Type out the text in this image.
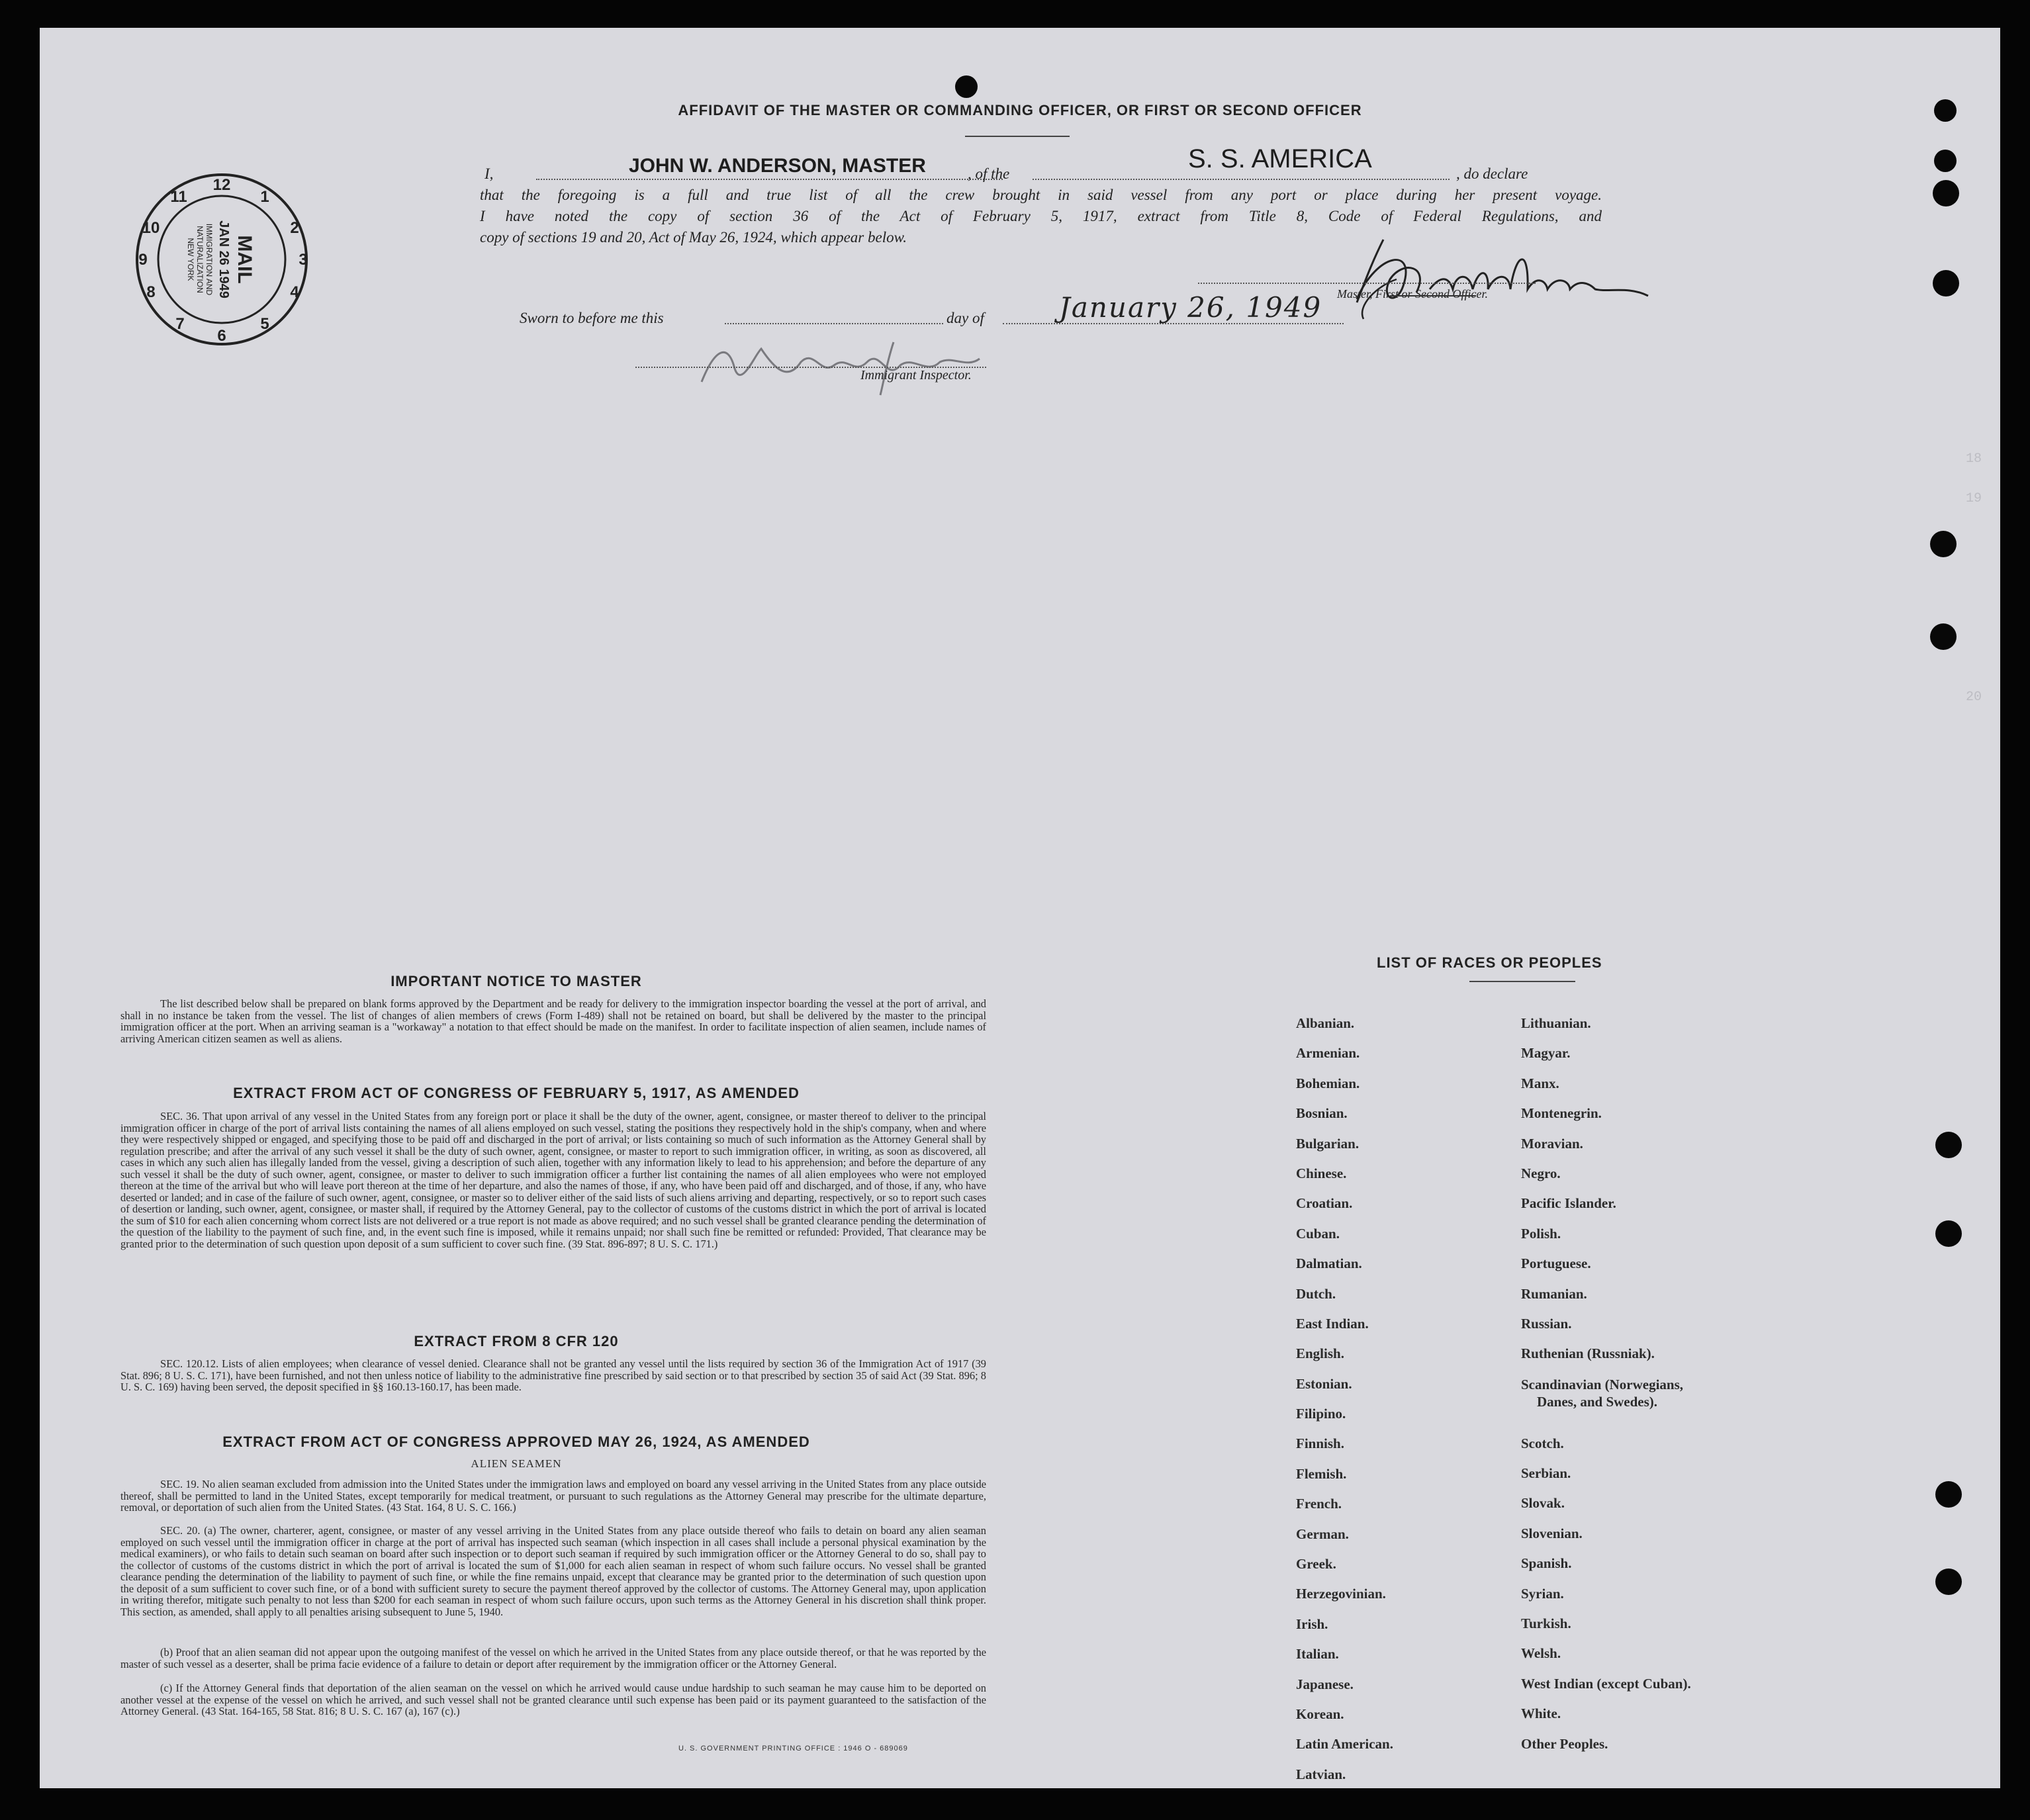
18
19
20
AFFIDAVIT OF THE MASTER OR COMMANDING OFFICER, OR FIRST OR SECOND OFFICER
I,	JOHN W. ANDERSON, MASTER	, of the
S. S. AMERICA
, do declare
that the foregoing is a full and true list of all the crew brought in said vessel from any port or place during her present voyage.
I have noted the copy of section 36 of the Act of February 5, 1917, extract from Title 8, Code of Federal Regulations, and
copy of sections 19 and 20, Act of May 26, 1924, which appear below.
Master, First or Second Officer.
Sworn to before me this	day of	January 26, 1949
Immigrant Inspector.
12
1
2
3
4
5
6
7
8
9
10
11
MAIL
JAN 26 1949
IMMIGRATION AND
NATURALIZATION
NEW YORK
IMPORTANT NOTICE TO MASTER
The list described below shall be prepared on blank forms approved by the Department and be ready for delivery to the immigration inspector boarding the vessel at the port of arrival, and shall in no instance be taken from the vessel. The list of changes of alien members of crews (Form I-489) shall not be retained on board, but shall be delivered by the master to the principal immigration officer at the port. When an arriving seaman is a "workaway" a notation to that effect should be made on the manifest. In order to facilitate inspection of alien seamen, include names of arriving American citizen seamen as well as aliens.
EXTRACT FROM ACT OF CONGRESS OF FEBRUARY 5, 1917, AS AMENDED
SEC. 36. That upon arrival of any vessel in the United States from any foreign port or place it shall be the duty of the owner, agent, consignee, or master thereof to deliver to the principal immigration officer in charge of the port of arrival lists containing the names of all aliens employed on such vessel, stating the positions they respectively hold in the ship's company, when and where they were respectively shipped or engaged, and specifying those to be paid off and discharged in the port of arrival; or lists containing so much of such information as the Attorney General shall by regulation prescribe; and after the arrival of any such vessel it shall be the duty of such owner, agent, consignee, or master to report to such immigration officer, in writing, as soon as discovered, all cases in which any such alien has illegally landed from the vessel, giving a description of such alien, together with any information likely to lead to his apprehension; and before the departure of any such vessel it shall be the duty of such owner, agent, consignee, or master to deliver to such immigration officer a further list containing the names of all alien employees who were not employed thereon at the time of the arrival but who will leave port thereon at the time of her departure, and also the names of those, if any, who have been paid off and discharged, and of those, if any, who have deserted or landed; and in case of the failure of such owner, agent, consignee, or master so to deliver either of the said lists of such aliens arriving and departing, respectively, or so to report such cases of desertion or landing, such owner, agent, consignee, or master shall, if required by the Attorney General, pay to the collector of customs of the customs district in which the port of arrival is located the sum of $10 for each alien concerning whom correct lists are not delivered or a true report is not made as above required; and no such vessel shall be granted clearance pending the determination of the question of the liability to the payment of such fine, and, in the event such fine is imposed, while it remains unpaid; nor shall such fine be remitted or refunded: Provided, That clearance may be granted prior to the determination of such question upon deposit of a sum sufficient to cover such fine. (39 Stat. 896-897; 8 U. S. C. 171.)
EXTRACT FROM 8 CFR 120
SEC. 120.12. Lists of alien employees; when clearance of vessel denied. Clearance shall not be granted any vessel until the lists required by section 36 of the Immigration Act of 1917 (39 Stat. 896; 8 U. S. C. 171), have been furnished, and not then unless notice of liability to the administrative fine prescribed by said section or to that prescribed by section 35 of said Act (39 Stat. 896; 8 U. S. C. 169) having been served, the deposit specified in §§ 160.13-160.17, has been made.
EXTRACT FROM ACT OF CONGRESS APPROVED MAY 26, 1924, AS AMENDED
ALIEN SEAMEN
SEC. 19. No alien seaman excluded from admission into the United States under the immigration laws and employed on board any vessel arriving in the United States from any place outside thereof, shall be permitted to land in the United States, except temporarily for medical treatment, or pursuant to such regulations as the Attorney General may prescribe for the ultimate departure, removal, or deportation of such alien from the United States. (43 Stat. 164, 8 U. S. C. 166.)
SEC. 20. (a) The owner, charterer, agent, consignee, or master of any vessel arriving in the United States from any place outside thereof who fails to detain on board any alien seaman employed on such vessel until the immigration officer in charge at the port of arrival has inspected such seaman (which inspection in all cases shall include a personal physical examination by the medical examiners), or who fails to detain such seaman on board after such inspection or to deport such seaman if required by such immigration officer or the Attorney General to do so, shall pay to the collector of customs of the customs district in which the port of arrival is located the sum of $1,000 for each alien seaman in respect of whom such failure occurs. No vessel shall be granted clearance pending the determination of the liability to payment of such fine, or while the fine remains unpaid, except that clearance may be granted prior to the determination of such question upon the deposit of a sum sufficient to cover such fine, or of a bond with sufficient surety to secure the payment thereof approved by the collector of customs. The Attorney General may, upon application in writing therefor, mitigate such penalty to not less than $200 for each seaman in respect of whom such failure occurs, upon such terms as the Attorney General in his discretion shall think proper. This section, as amended, shall apply to all penalties arising subsequent to June 5, 1940.
(b) Proof that an alien seaman did not appear upon the outgoing manifest of the vessel on which he arrived in the United States from any place outside thereof, or that he was reported by the master of such vessel as a deserter, shall be prima facie evidence of a failure to detain or deport after requirement by the immigration officer or the Attorney General.
(c) If the Attorney General finds that deportation of the alien seaman on the vessel on which he arrived would cause undue hardship to such seaman he may cause him to be deported on another vessel at the expense of the vessel on which he arrived, and such vessel shall not be granted clearance until such expense has been paid or its payment guaranteed to the satisfaction of the Attorney General. (43 Stat. 164-165, 58 Stat. 816; 8 U. S. C. 167 (a), 167 (c).)
U. S. GOVERNMENT PRINTING OFFICE : 1946 O - 689069
LIST OF RACES OR PEOPLES
Albanian.
Armenian.
Bohemian.
Bosnian.
Bulgarian.
Chinese.
Croatian.
Cuban.
Dalmatian.
Dutch.
East Indian.
English.
Estonian.
Filipino.
Finnish.
Flemish.
French.
German.
Greek.
Herzegovinian.
Irish.
Italian.
Japanese.
Korean.
Latin American.
Latvian.
Lithuanian.
Magyar.
Manx.
Montenegrin.
Moravian.
Negro.
Pacific Islander.
Polish.
Portuguese.
Rumanian.
Russian.
Ruthenian (Russniak).
Scandinavian (Norwegians,
Danes, and Swedes).
Scotch.
Serbian.
Slovak.
Slovenian.
Spanish.
Syrian.
Turkish.
Welsh.
West Indian (except Cuban).
White.
Other Peoples.
